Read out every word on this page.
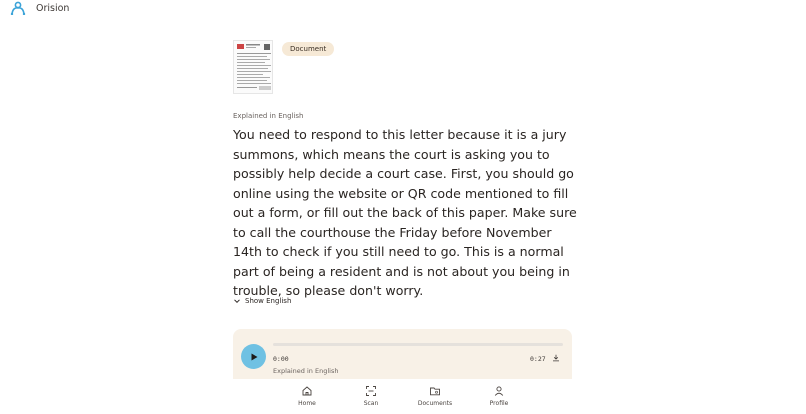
Orision
Document
Explained in English

You need to respond to this letter because it is a jury summons, which means the court is asking you to possibly help decide a court case. First, you should go online using the website or QR code mentioned to fill out a form, or fill out the back of this paper. Make sure to call the courthouse the Friday before November 14th to check if you still need to go. This is a normal part of being a resident and is not about you being in trouble, so please don't worry.

Show English
0:00	0:27
Explained in English
Home	Scan	Documents	Profile
